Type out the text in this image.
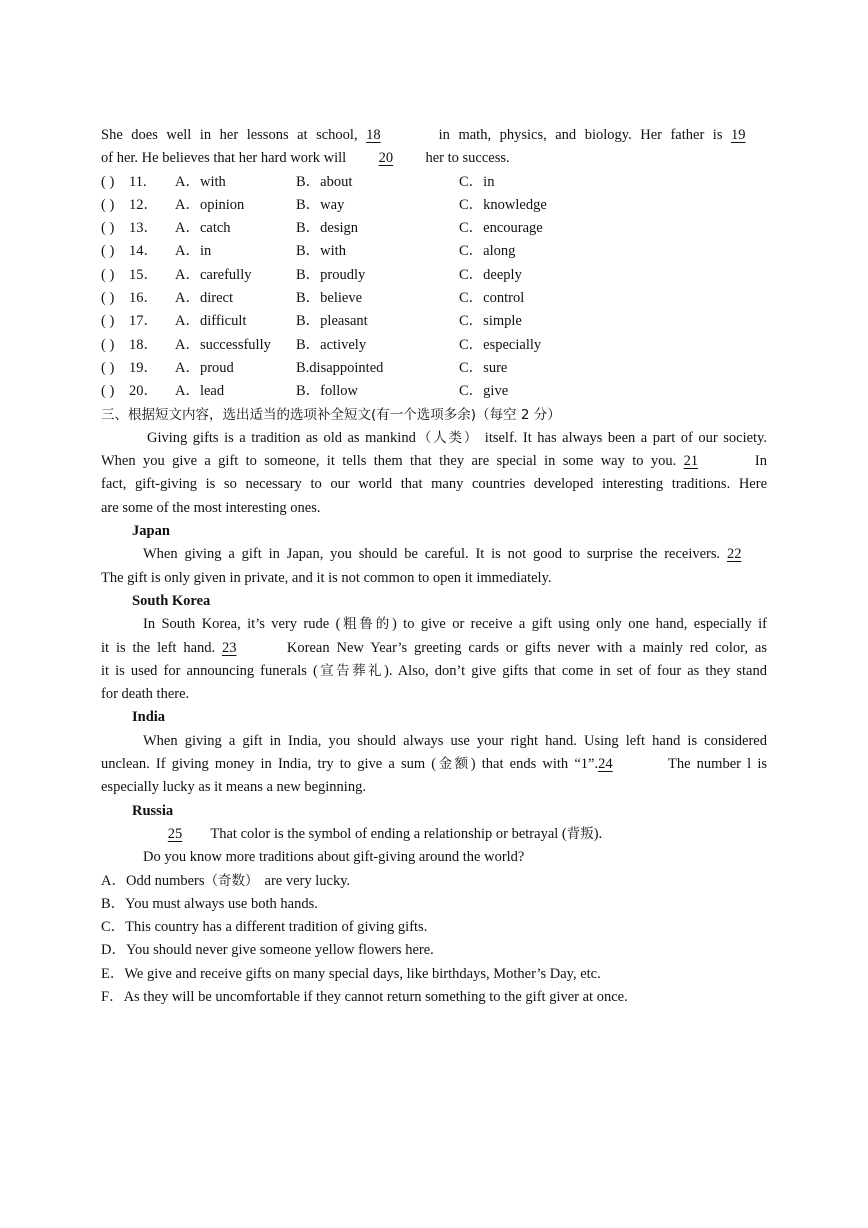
She does well in her lessons at school, 18	in math, physics, and biology. Her father is 19
of her. He believes that her hard work will 20 her to success.
( ) 11. A．with	B．about	C．in
( ) 12． A．opinion	B．way	C．knowledge
( ) 13． A．catch	B．design	C．encourage
( ) 14． A．in	B．with	C．along
( ) 15． A．carefully	B．proudly	C．deeply
( ) 16． A．direct	B．believe	C．control
( ) 17． A．difficult	B．pleasant	C．simple
( ) 18． A．successfully B．actively	C．especially
( ) 19． A．proud	B.disappointed	C．sure
( ) 20． A．lead	B．follow	C．give
三、根据短文内容，选出适当的选项补全短文(有一个选项多余)（每空 2 分）
Giving gifts is a tradition as old as mankind（人类） itself. It has always been a part of our society.
When you give a gift to someone, it tells them that they are special in some way to you. 21	In
fact, gift-giving is so necessary to our world that many countries developed interesting traditions. Here
are some of the most interesting ones.
Japan
When giving a gift in Japan, you should be careful. It is not good to surprise the receivers. 22
The gift is only given in private, and it is not common to open it immediately.
South Korea
In South Korea, it’s very rude (粗鲁的) to give or receive a gift using only one hand, especially if
it is the left hand. 23	Korean New Year’s greeting cards or gifts never with a mainly red color, as
it is used for announcing funerals (宣告葬礼). Also, don’t give gifts that come in set of four as they stand
for death there.
India
When giving a gift in India, you should always use your right hand. Using left hand is considered
unclean. If giving money in India, try to give a sum (金额) that ends with “1”.24	The number l is
especially lucky as it means a new beginning.
Russia
25 That color is the symbol of ending a relationship or betrayal (背叛).
Do you know more traditions about gift-giving around the world?
A．Odd numbers（奇数） are very lucky.
B．You must always use both hands.
C．This country has a different tradition of giving gifts.
D．You should never give someone yellow flowers here.
E．We give and receive gifts on many special days, like birthdays, Mother’s Day, etc.
F．As they will be uncomfortable if they cannot return something to the gift giver at once.
